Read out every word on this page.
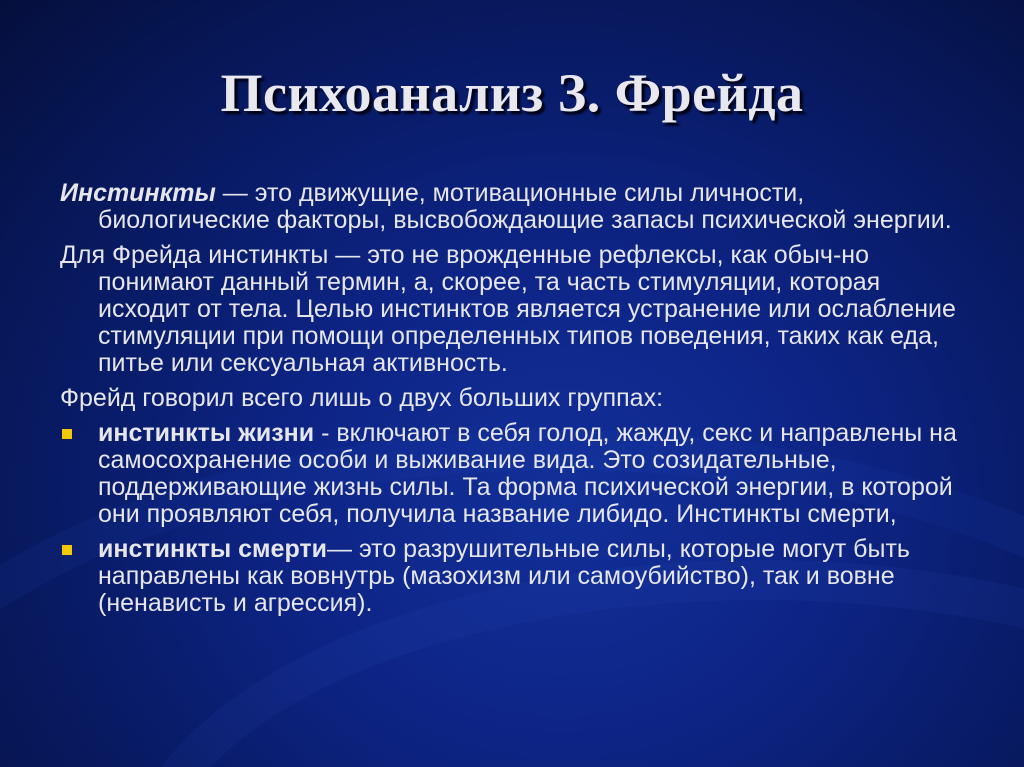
Психоанализ З. Фрейда
Инстинкты — это движущие, мотивационные силы личности, биологические факторы, высвобождающие запасы психической энергии.
Для Фрейда инстинкты — это не врожденные рефлексы, как обыч-но понимают данный термин, а, скорее, та часть стимуляции, которая исходит от тела. Целью инстинктов является устранение или ослабление стимуляции при помощи определенных типов поведения, таких как еда, питье или сексуальная активность.
Фрейд говорил всего лишь о двух больших группах:
инстинкты жизни - включают в себя голод, жажду, секс и направлены на самосохранение особи и выживание вида. Это созидательные, поддерживающие жизнь силы. Та форма психической энергии, в которой они проявляют себя, получила название либидо. Инстинкты смерти,
инстинкты смерти— это разрушительные силы, которые могут быть направлены как вовнутрь (мазохизм или самоубийство), так и вовне (ненависть и агрессия).
